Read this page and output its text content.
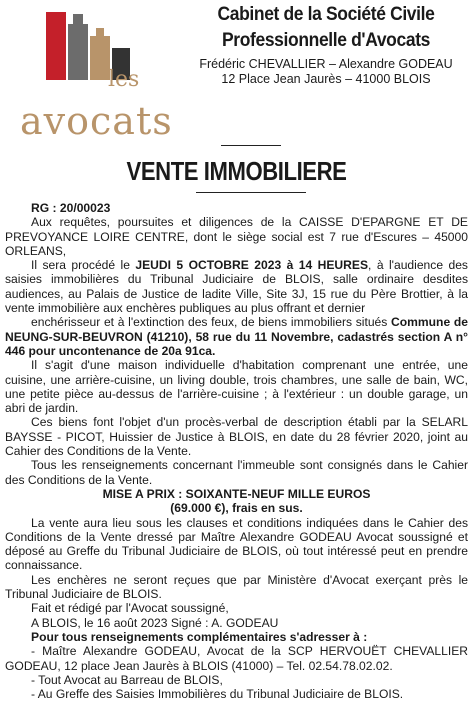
les
avocats
Cabinet de la Société Civile
Professionnelle d'Avocats
Frédéric CHEVALLIER – Alexandre GODEAU
12 Place Jean Jaurès – 41000 BLOIS
VENTE IMMOBILIERE

RG : 20/00023

Aux requêtes, poursuites et diligences de la CAISSE D'EPARGNE ET DE PREVOYANCE LOIRE CENTRE, dont le siège social est 7 rue d'Escures – 45000 ORLEANS,

Il sera procédé le JEUDI 5 OCTOBRE 2023 à 14 HEURES, à l'audience des saisies immobilières du Tribunal Judiciaire de BLOIS, salle ordinaire desdites audiences, au Palais de Justice de ladite Ville, Site 3J, 15 rue du Père Brottier, à la vente immobilière aux enchères publiques au plus offrant et dernier

enchérisseur et à l'extinction des feux, de biens immobiliers situés Commune de NEUNG-SUR-BEUVRON (41210), 58 rue du 11 Novembre, cadastrés section A n° 446 pour uncontenance de 20a 91ca.

Il s'agit d'une maison individuelle d'habitation comprenant une entrée, une cuisine, une arrière-cuisine, un living double, trois chambres, une salle de bain, WC, une petite pièce au-dessus de l'arrière-cuisine ; à l'extérieur : un double garage, un abri de jardin.

Ces biens font l'objet d'un procès-verbal de description établi par la SELARL BAYSSE - PICOT, Huissier de Justice à BLOIS, en date du 28 février 2020, joint au Cahier des Conditions de la Vente.

Tous les renseignements concernant l'immeuble sont consignés dans le Cahier des Conditions de la Vente.

MISE A PRIX : SOIXANTE-NEUF MILLE EUROS

(69.000 €), frais en sus.

La vente aura lieu sous les clauses et conditions indiquées dans le Cahier des Conditions de la Vente dressé par Maître Alexandre GODEAU Avocat soussigné et déposé au Greffe du Tribunal Judiciaire de BLOIS, où tout intéressé peut en prendre connaissance.

Les enchères ne seront reçues que par Ministère d'Avocat exerçant près le Tribunal Judiciaire de BLOIS.

Fait et rédigé par l'Avocat soussigné,

A BLOIS, le 16 août 2023 Signé : A. GODEAU

Pour tous renseignements complémentaires s'adresser à :

- Maître Alexandre GODEAU, Avocat de la SCP HERVOUËT CHEVALLIER GODEAU, 12 place Jean Jaurès à BLOIS (41000) – Tel. 02.54.78.02.02.

- Tout Avocat au Barreau de BLOIS,

- Au Greffe des Saisies Immobilières du Tribunal Judiciaire de BLOIS.
